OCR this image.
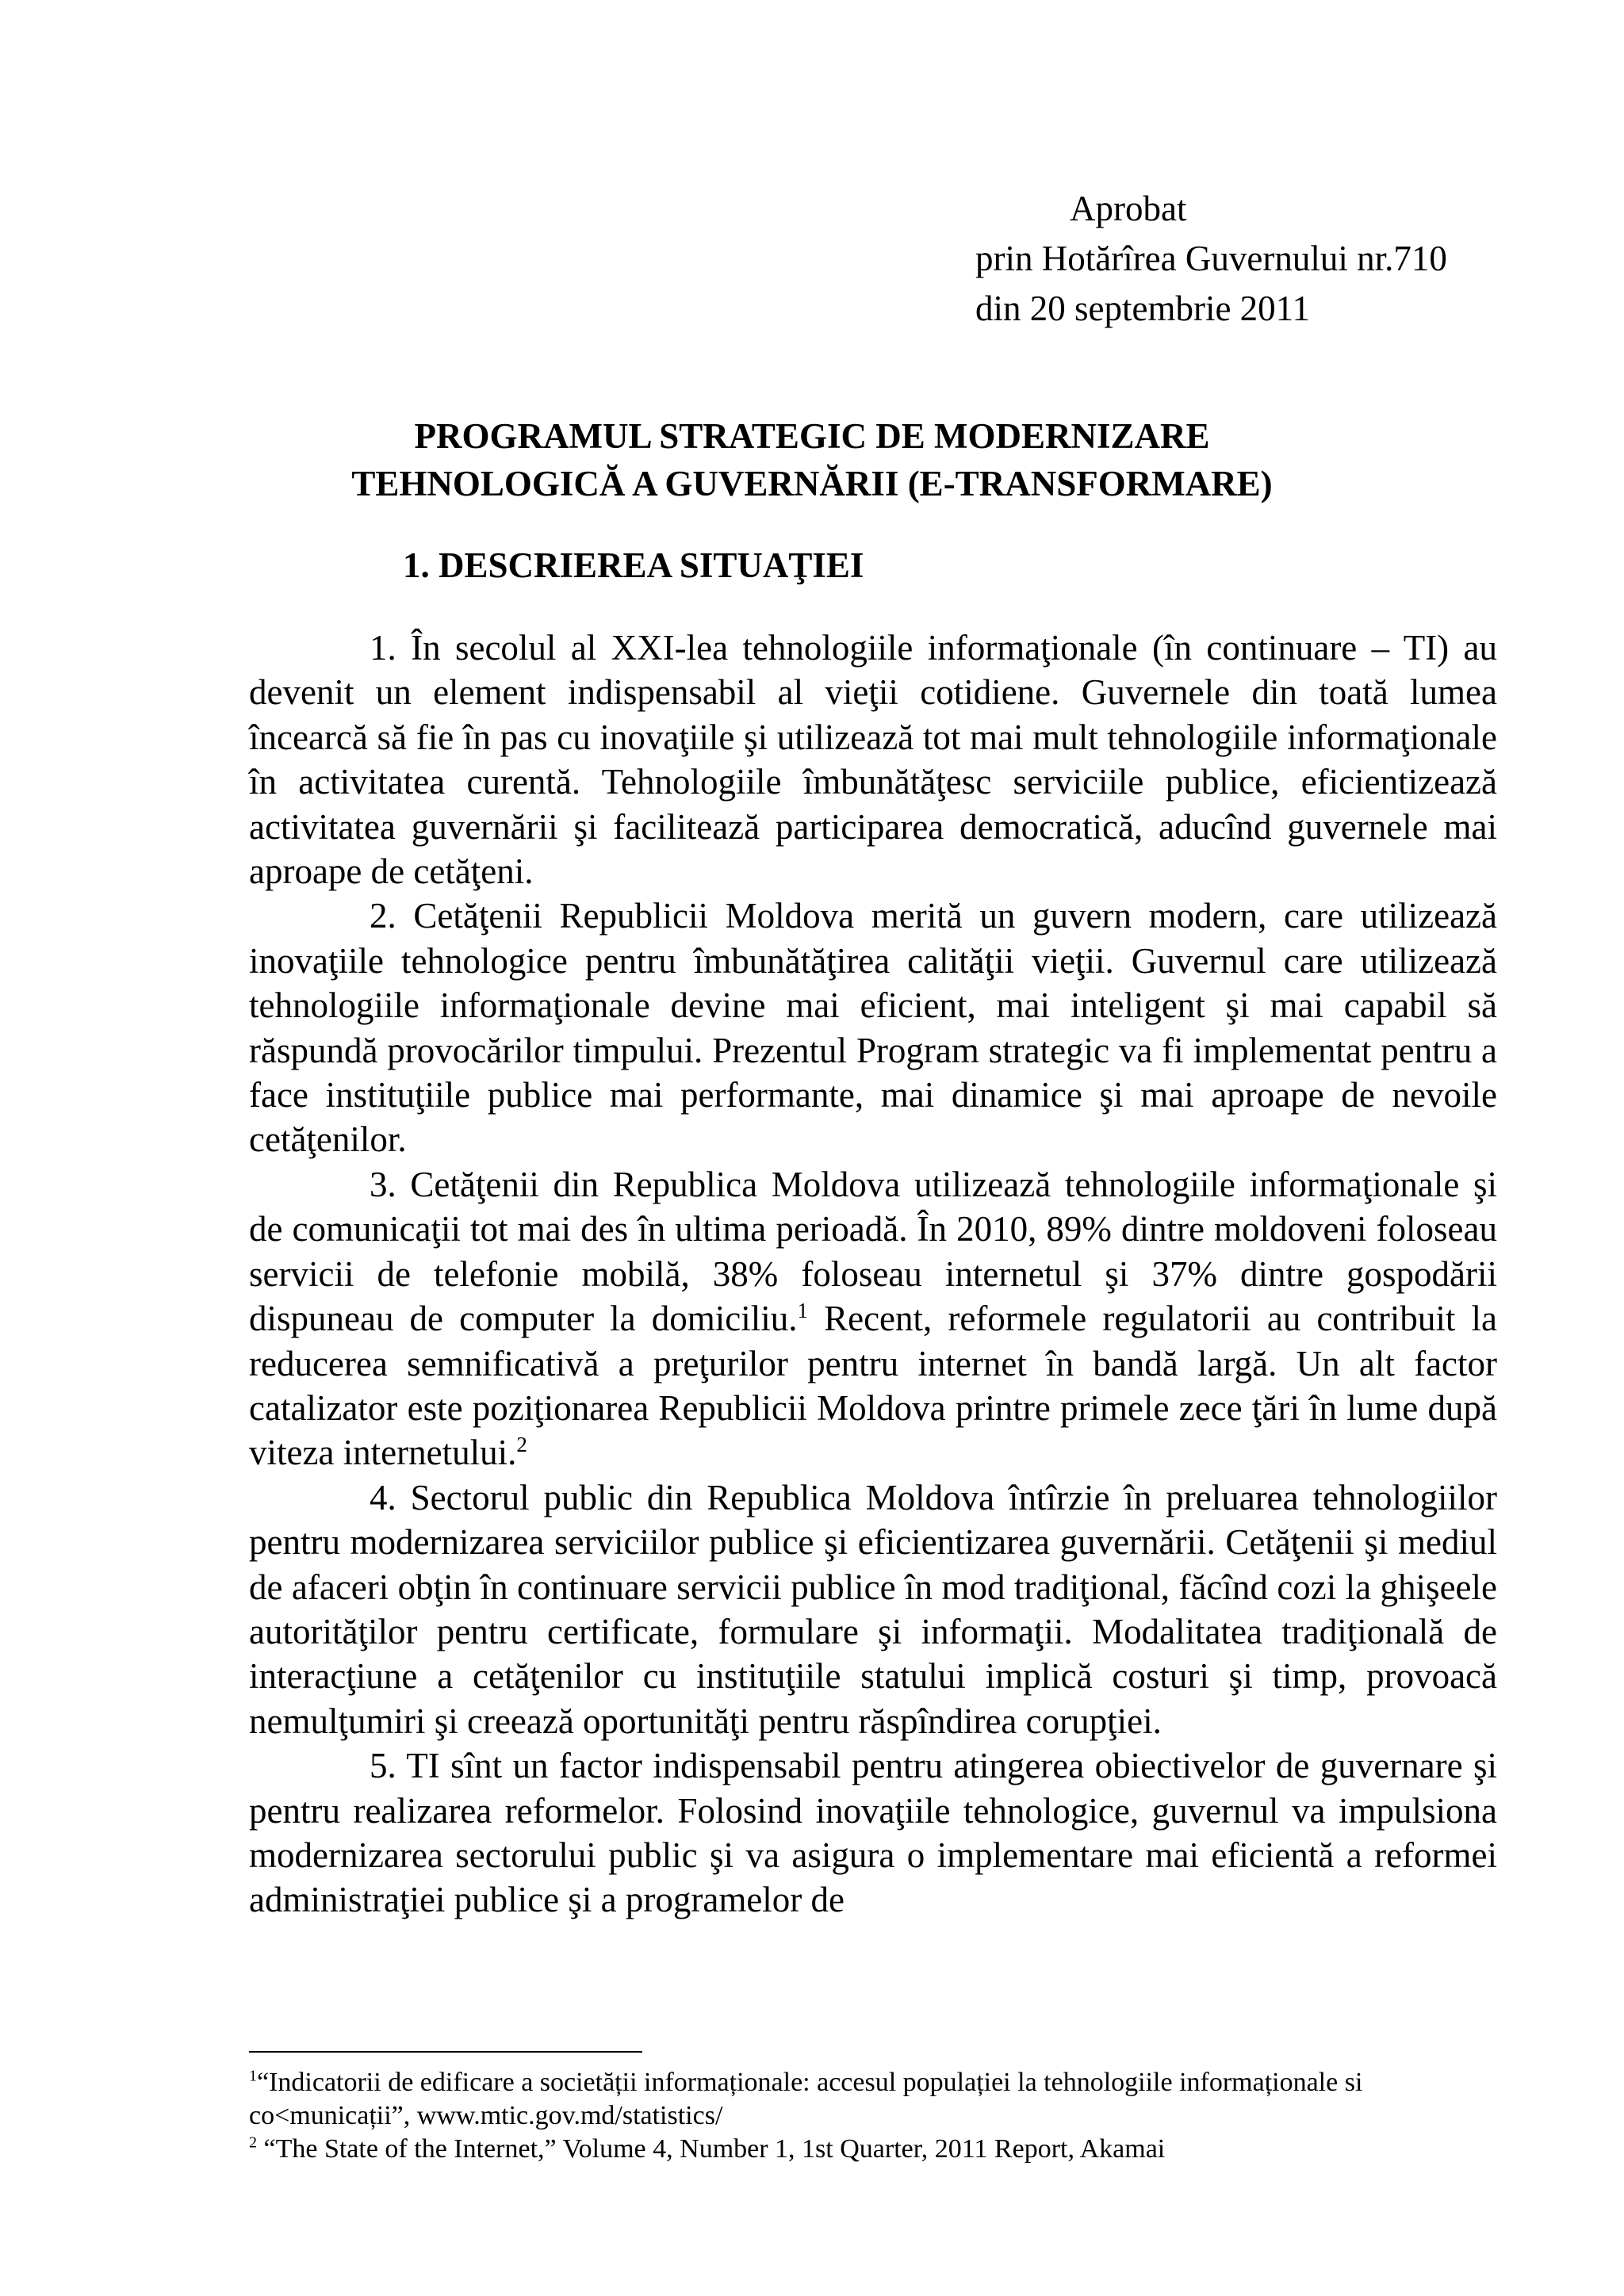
Aprobat
prin Hotărîrea Guvernului nr.710
din 20 septembrie 2011
PROGRAMUL STRATEGIC DE MODERNIZARE
TEHNOLOGICĂ A GUVERNĂRII (E-TRANSFORMARE)
1. DESCRIEREA SITUAŢIEI

1. În secolul al XXI-lea tehnologiile informaţionale (în continuare – TI) au devenit un element indispensabil al vieţii cotidiene. Guvernele din toată lumea încearcă să fie în pas cu inovaţiile şi utilizează tot mai mult tehnologiile informaţionale în activitatea curentă. Tehnologiile îmbunătăţesc serviciile publice, eficientizează activitatea guvernării şi facilitează participarea democratică, aducînd guvernele mai aproape de cetăţeni.

2. Cetăţenii Republicii Moldova merită un guvern modern, care utilizează inovaţiile tehnologice pentru îmbunătăţirea calităţii vieţii. Guvernul care utilizează tehnologiile informaţionale devine mai eficient, mai inteligent şi mai capabil să răspundă provocărilor timpului. Prezentul Program strategic va fi implementat pentru a face instituţiile publice mai performante, mai dinamice şi mai aproape de nevoile cetăţenilor.

3. Cetăţenii din Republica Moldova utilizează tehnologiile informaţionale şi de comunicaţii tot mai des în ultima perioadă. În 2010, 89% dintre moldoveni foloseau servicii de telefonie mobilă, 38% foloseau internetul şi 37% dintre gospodării dispuneau de computer la domiciliu.$^1$ Recent, reformele regulatorii au contribuit la reducerea semnificativă a preţurilor pentru internet în bandă largă. Un alt factor catalizator este poziţionarea Republicii Moldova printre primele zece ţări în lume după viteza internetului.$^2$

4. Sectorul public din Republica Moldova întîrzie în preluarea tehnologiilor pentru modernizarea serviciilor publice şi eficientizarea guvernării. Cetăţenii şi mediul de afaceri obţin în continuare servicii publice în mod tradiţional, făcînd cozi la ghişeele autorităţilor pentru certificate, formulare şi informaţii. Modalitatea tradiţională de interacţiune a cetăţenilor cu instituţiile statului implică costuri şi timp, provoacă nemulţumiri şi creează oportunităţi pentru răspîndirea corupţiei.

5. TI sînt un factor indispensabil pentru atingerea obiectivelor de guvernare şi pentru realizarea reformelor. Folosind inovaţiile tehnologice, guvernul va impulsiona modernizarea sectorului public şi va asigura o implementare mai eficientă a reformei administraţiei publice şi a programelor de

$^1$“Indicatorii de edificare a societății informaționale: accesul populației la tehnologiile informaționale si co<municații”, www.mtic.gov.md/statistics/

$^2$ “The State of the Internet,” Volume 4, Number 1, 1st Quarter, 2011 Report, Akamai
